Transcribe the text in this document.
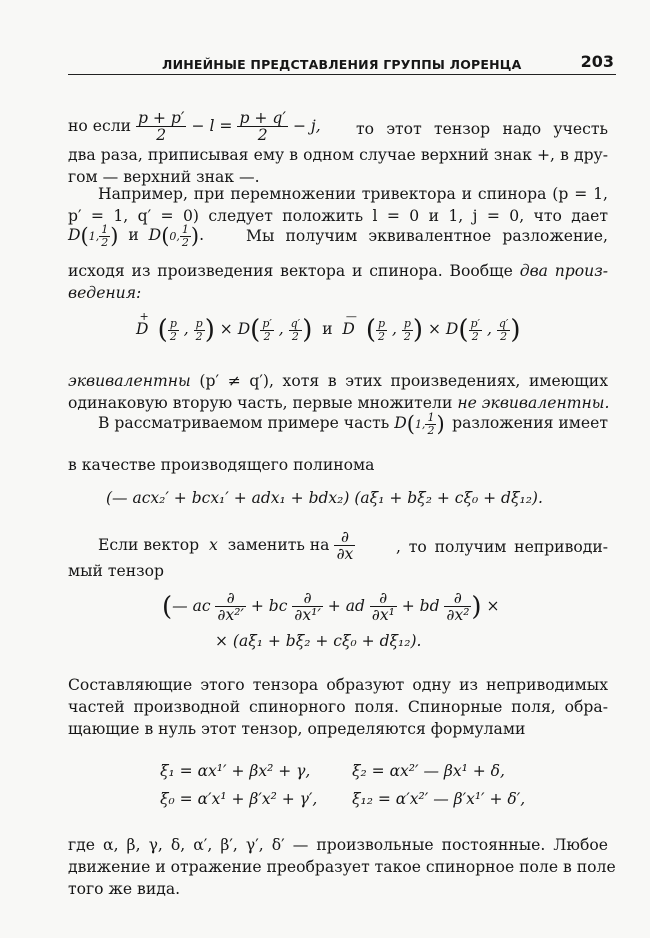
ЛИНЕЙНЫЕ ПРЕДСТАВЛЕНИЯ ГРУППЫ ЛОРЕНЦА	203
но если $\frac{p + p'}{2} - l = \frac{p + q'}{2} - j$, то этот тензор надо учесть
два раза, приписывая ему в одном случае верхний знак +, в дру-
гом — верхний знак —.
Например, при перемножении тривектора и спинора (p = 1,
p′ = 1, q′ = 0) следует положить l = 0 и 1, j = 0, что дает
D(1, $\frac{1}{2}$ ) и D(0, $\frac{1}{2}$ ).	Мы получим эквивалентное разложение,
исходя из произведения вектора и спинора. Вообще два произ-
ведения:
D+ ( $\frac{p}{2}$ , $\frac{p}{2}$ ) × $D( \frac{p'}{2}$ , $\frac{q'}{2}$ ) и D— ( $\frac{p}{2}$ , $\frac{p}{2}$ ) × $D( \frac{p'}{2}$ , $\frac{q'}{2}$ )
эквивалентны (p′ ≠ q′), хотя в этих произведениях, имеющих
одинаковую вторую часть, первые множители не эквивалентны.
В рассматриваемом примере часть D(1, $\frac{1}{2}$ ) разложения имеет
в качестве производящего полинома
(— acx₂′ + bcx₁′ + adx₁ + bdx₂) (aξ₁ + bξ₂ + cξ₀ + dξ₁₂).
Если вектор x заменить на $\frac{\partial}{\partial x}$	, то получим неприводи-
мый тензор
(— ac $\frac{\partial}{\text{∂x²′}}$ + bc $\frac{\partial}{\text{∂x¹′}}$ + ad $\frac{\partial}{\text{∂x¹}}$ + bd $\frac{\partial}{\text{∂x²}}$ ) ×
× (aξ₁ + bξ₂ + cξ₀ + dξ₁₂).
Составляющие этого тензора образуют одну из неприводимых
частей производной спинорного поля. Спинорные поля, обра-
щающие в нуль этот тензор, определяются формулами
ξ₁ = αx¹′ + βx² + γ,	ξ₂ = αx²′ — βx¹ + δ,
ξ₀ = α′x¹ + β′x² + γ′, ξ₁₂ = α′x²′ — β′x¹′ + δ′,
где α, β, γ, δ, α′, β′, γ′, δ′ — произвольные постоянные. Любое
движение и отражение преобразует такое спинорное поле в поле
того же вида.
